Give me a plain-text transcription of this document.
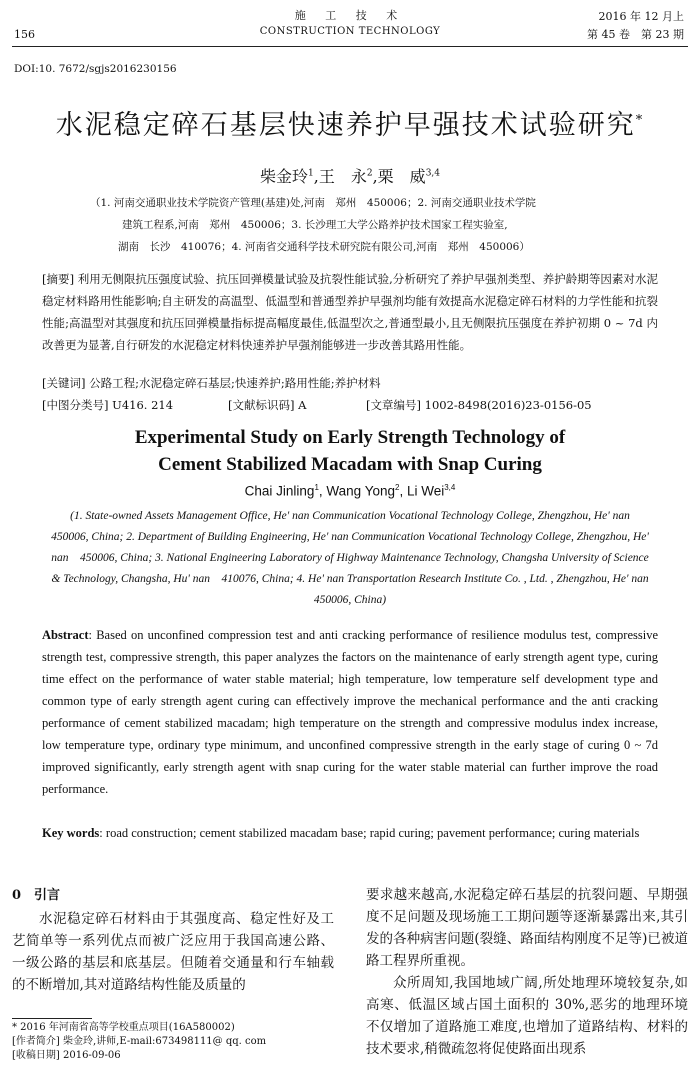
156
施 工 技 术
CONSTRUCTION TECHNOLOGY
2016 年 12 月上
第 45 卷　第 23 期
DOI:10. 7672/sgjs2016230156
水泥稳定碎石基层快速养护早强技术试验研究*
柴金玲$^1$,王　永$^2$,栗　威$^{3,4}$
（1. 河南交通职业技术学院资产管理(基建)处,河南　郑州　450006；2. 河南交通职业技术学院
建筑工程系,河南　郑州　450006；3. 长沙理工大学公路养护技术国家工程实验室,
湖南　长沙　410076；4. 河南省交通科学技术研究院有限公司,河南　郑州　450006）
[摘要] 利用无侧限抗压强度试验、抗压回弹模量试验及抗裂性能试验,分析研究了养护早强剂类型、养护龄期等因素对水泥稳定材料路用性能影响;自主研发的高温型、低温型和普通型养护早强剂均能有效提高水泥稳定碎石材料的力学性能和抗裂性能;高温型对其强度和抗压回弹模量指标提高幅度最佳,低温型次之,普通型最小,且无侧限抗压强度在养护初期 0 ~ 7d 内改善更为显著,自行研发的水泥稳定材料快速养护早强剂能够进一步改善其路用性能。
[关键词] 公路工程;水泥稳定碎石基层;快速养护;路用性能;养护材料
[中图分类号] U416. 214	[文献标识码] A	[文章编号] 1002-8498(2016)23-0156-05
Experimental Study on Early Strength Technology of Cement Stabilized Macadam with Snap Curing
Chai Jinling$^1$, Wang Yong$^2$, Li Wei$^{3,4}$
(1. State-owned Assets Management Office, He' nan Communication Vocational Technology College, Zhengzhou, He' nan　450006, China; 2. Department of Building Engineering, He' nan Communication Vocational Technology College, Zhengzhou, He' nan　450006, China; 3. National Engineering Laboratory of Highway Maintenance Technology, Changsha University of Science & Technology, Changsha, Hu' nan　410076, China; 4. He' nan Transportation Research Institute Co. , Ltd. , Zhengzhou, He' nan　450006, China)
Abstract: Based on unconfined compression test and anti cracking performance of resilience modulus test, compressive strength test, compressive strength, this paper analyzes the factors on the maintenance of early strength agent type, curing time effect on the performance of water stable material; high temperature, low temperature self development type and common type of early strength agent curing can effectively improve the mechanical performance and the anti cracking performance of cement stabilized macadam; high temperature on the strength and compressive modulus index increase, low temperature type, ordinary type minimum, and unconfined compressive strength in the early stage of curing 0 ~ 7d improved significantly, early strength agent with snap curing for the water stable material can further improve the road performance.
Key words: road construction; cement stabilized macadam base; rapid curing; pavement performance; curing materials
0　引言
水泥稳定碎石材料由于其强度高、稳定性好及工艺简单等一系列优点而被广泛应用于我国高速公路、一级公路的基层和底基层。但随着交通量和行车轴载的不断增加,其对道路结构性能及质量的
要求越来越高,水泥稳定碎石基层的抗裂问题、早期强度不足问题及现场施工工期问题等逐渐暴露出来,其引发的各种病害问题(裂缝、路面结构刚度不足等)已被道路工程界所重视。
众所周知,我国地域广阔,所处地理环境较复杂,如高寒、低温区域占国土面积的 30%,恶劣的地理环境不仅增加了道路施工难度,也增加了道路结构、材料的技术要求,稍微疏忽将促使路面出现系
* 2016 年河南省高等学校重点项目(16A580002)
[作者简介] 柴金玲,讲师,E-mail:673498111@ qq. com
[收稿日期] 2016-09-06
